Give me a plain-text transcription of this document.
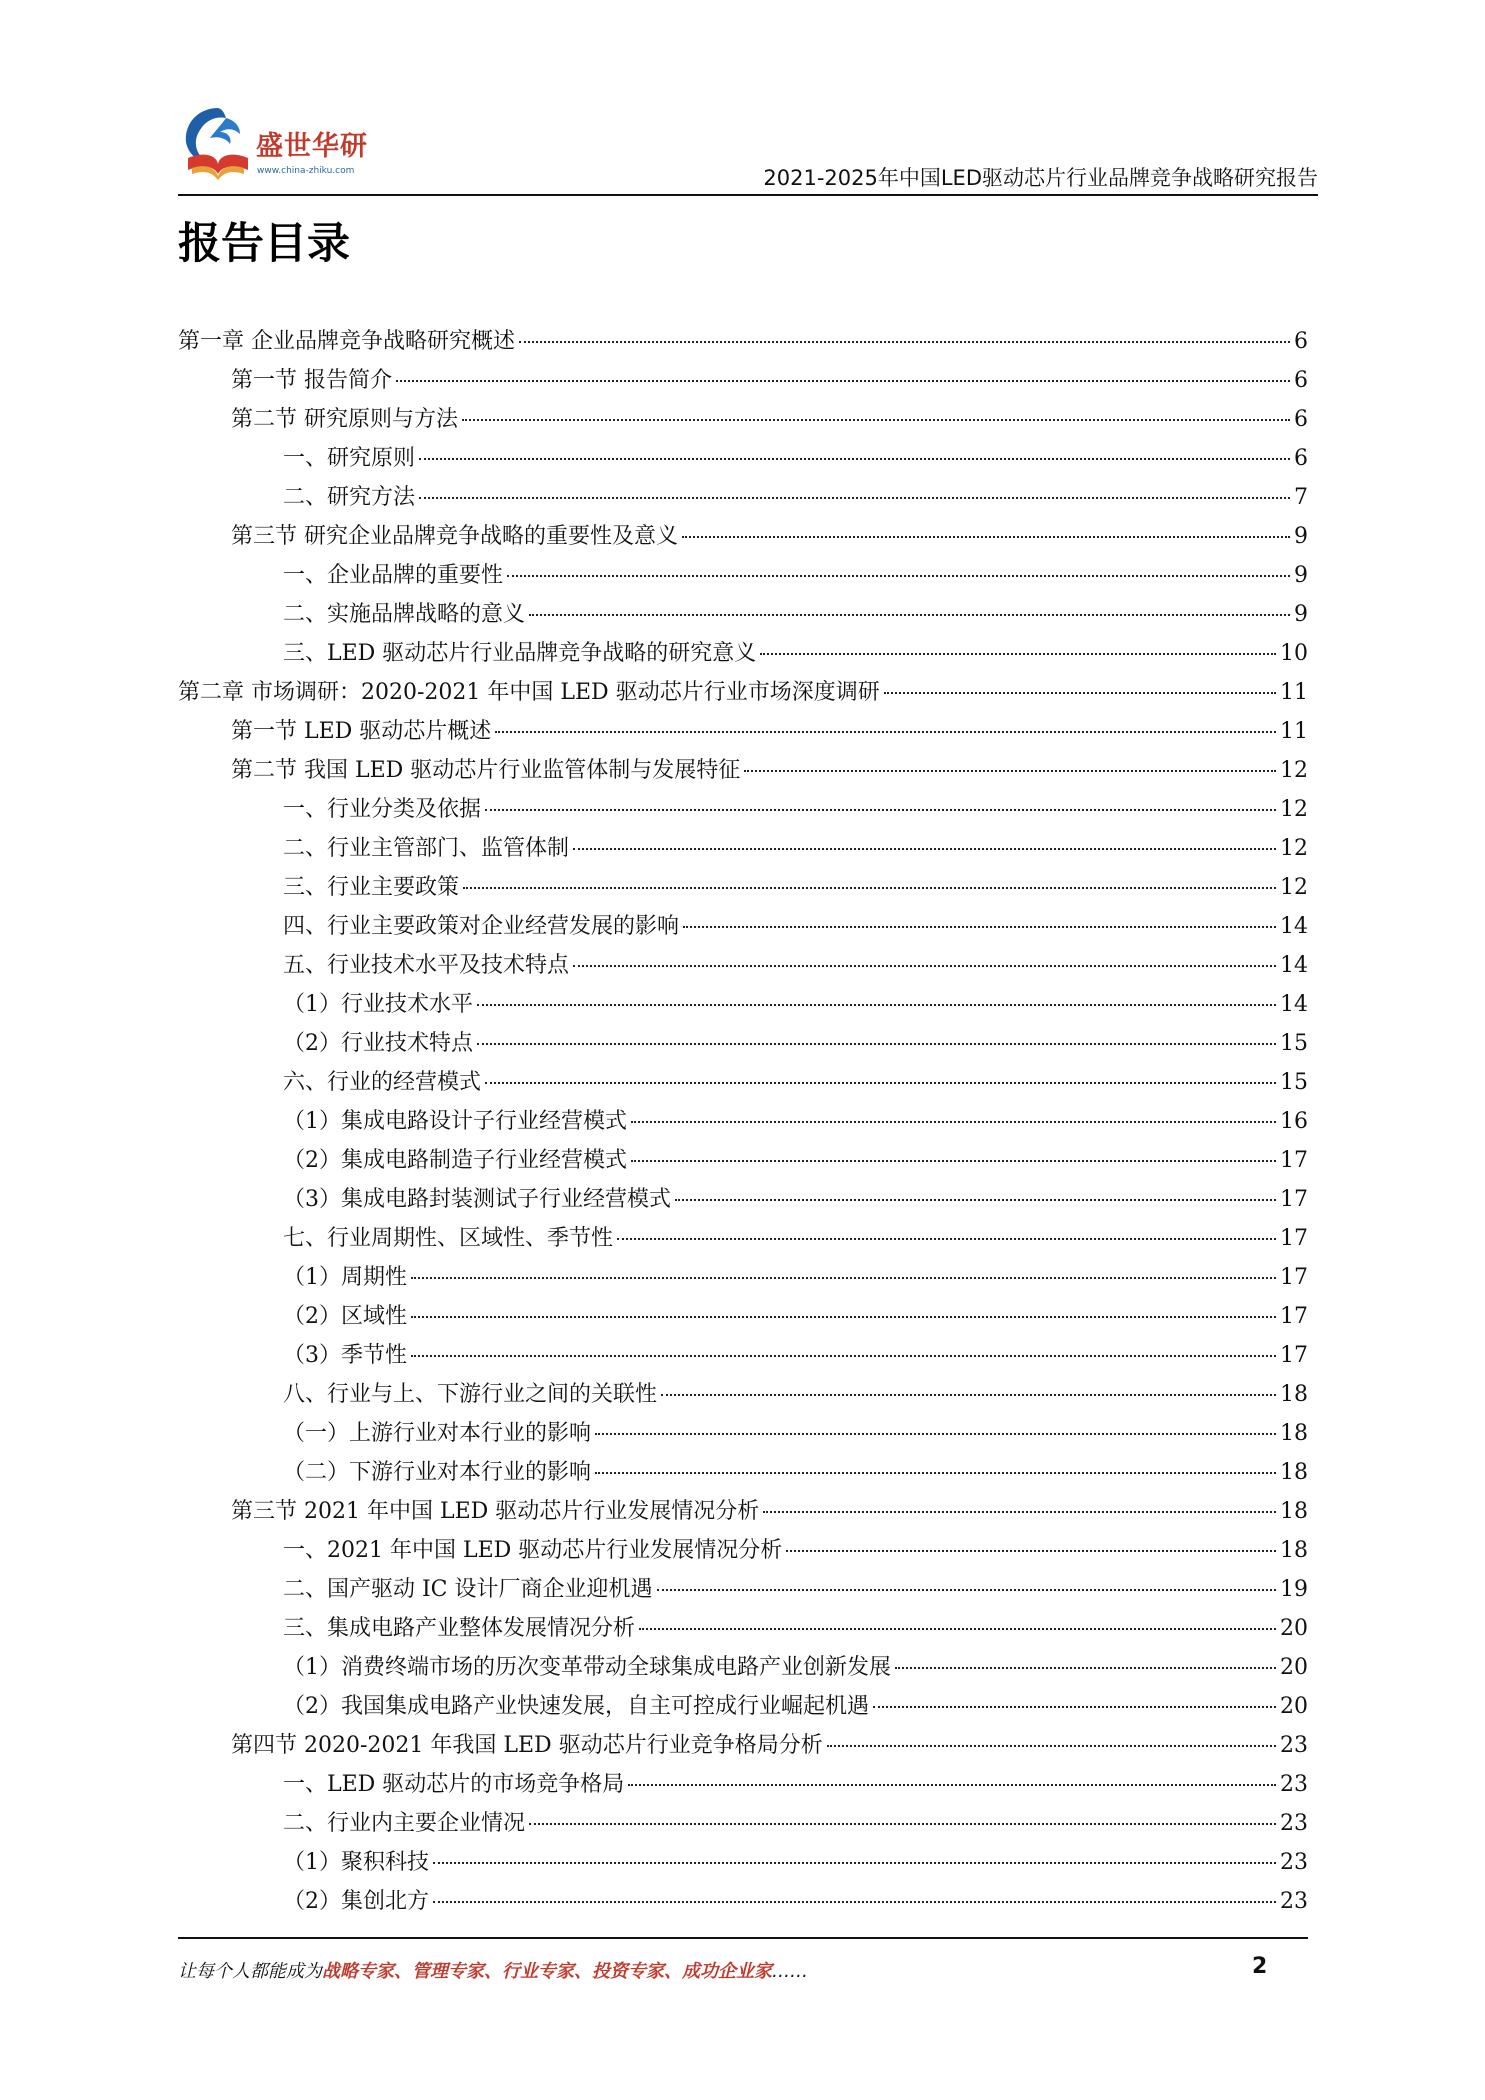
盛世华研
www.china-zhiku.com	2021-2025年中国LED驱动芯片行业品牌竞争战略研究报告
报告目录
第一章 企业品牌竞争战略研究概述	6
第一节 报告简介	6
第二节 研究原则与方法	6
一、研究原则	6
二、研究方法	7
第三节 研究企业品牌竞争战略的重要性及意义	9
一、企业品牌的重要性	9
二、实施品牌战略的意义	9
三、LED 驱动芯片行业品牌竞争战略的研究意义	10
第二章 市场调研：2020-2021 年中国 LED 驱动芯片行业市场深度调研	11
第一节 LED 驱动芯片概述	11
第二节 我国 LED 驱动芯片行业监管体制与发展特征	12
一、行业分类及依据	12
二、行业主管部门、监管体制	12
三、行业主要政策	12
四、行业主要政策对企业经营发展的影响	14
五、行业技术水平及技术特点	14
（1）行业技术水平	14
（2）行业技术特点	15
六、行业的经营模式	15
（1）集成电路设计子行业经营模式	16
（2）集成电路制造子行业经营模式	17
（3）集成电路封装测试子行业经营模式	17
七、行业周期性、区域性、季节性	17
（1）周期性	17
（2）区域性	17
（3）季节性	17
八、行业与上、下游行业之间的关联性	18
（一）上游行业对本行业的影响	18
（二）下游行业对本行业的影响	18
第三节 2021 年中国 LED 驱动芯片行业发展情况分析	18
一、2021 年中国 LED 驱动芯片行业发展情况分析	18
二、国产驱动 IC 设计厂商企业迎机遇	19
三、集成电路产业整体发展情况分析	20
（1）消费终端市场的历次变革带动全球集成电路产业创新发展	20
（2）我国集成电路产业快速发展，自主可控成行业崛起机遇	20
第四节 2020-2021 年我国 LED 驱动芯片行业竞争格局分析	23
一、LED 驱动芯片的市场竞争格局	23
二、行业内主要企业情况	23
（1）聚积科技	23
（2）集创北方	23
让每个人都能成为战略专家、管理专家、行业专家、投资专家、成功企业家……	2
